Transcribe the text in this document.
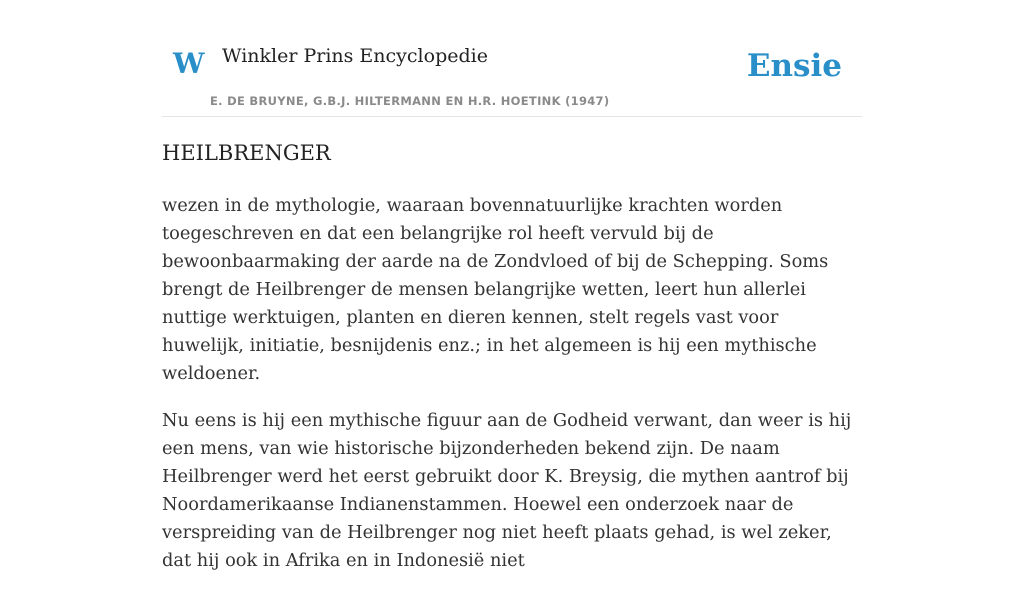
W Winkler Prins Encyclopedie
E. DE BRUYNE, G.B.J. HILTERMANN EN H.R. HOETINK (1947)
Ensie
HEILBRENGER

wezen in de mythologie, waaraan bovennatuurlijke krachten worden toegeschreven en dat een belangrijke rol heeft vervuld bij de bewoonbaarmaking der aarde na de Zondvloed of bij de Schepping. Soms brengt de Heilbrenger de mensen belangrijke wetten, leert hun allerlei nuttige werktuigen, planten en dieren kennen, stelt regels vast voor huwelijk, initiatie, besnijdenis enz.; in het algemeen is hij een mythische weldoener.

Nu eens is hij een mythische figuur aan de Godheid verwant, dan weer is hij een mens, van wie historische bijzonderheden bekend zijn. De naam Heilbrenger werd het eerst gebruikt door K. Breysig, die mythen aantrof bij Noordamerikaanse Indianenstammen. Hoewel een onderzoek naar de verspreiding van de Heilbrenger nog niet heeft plaats gehad, is wel zeker, dat hij ook in Afrika en in Indonesië niet
